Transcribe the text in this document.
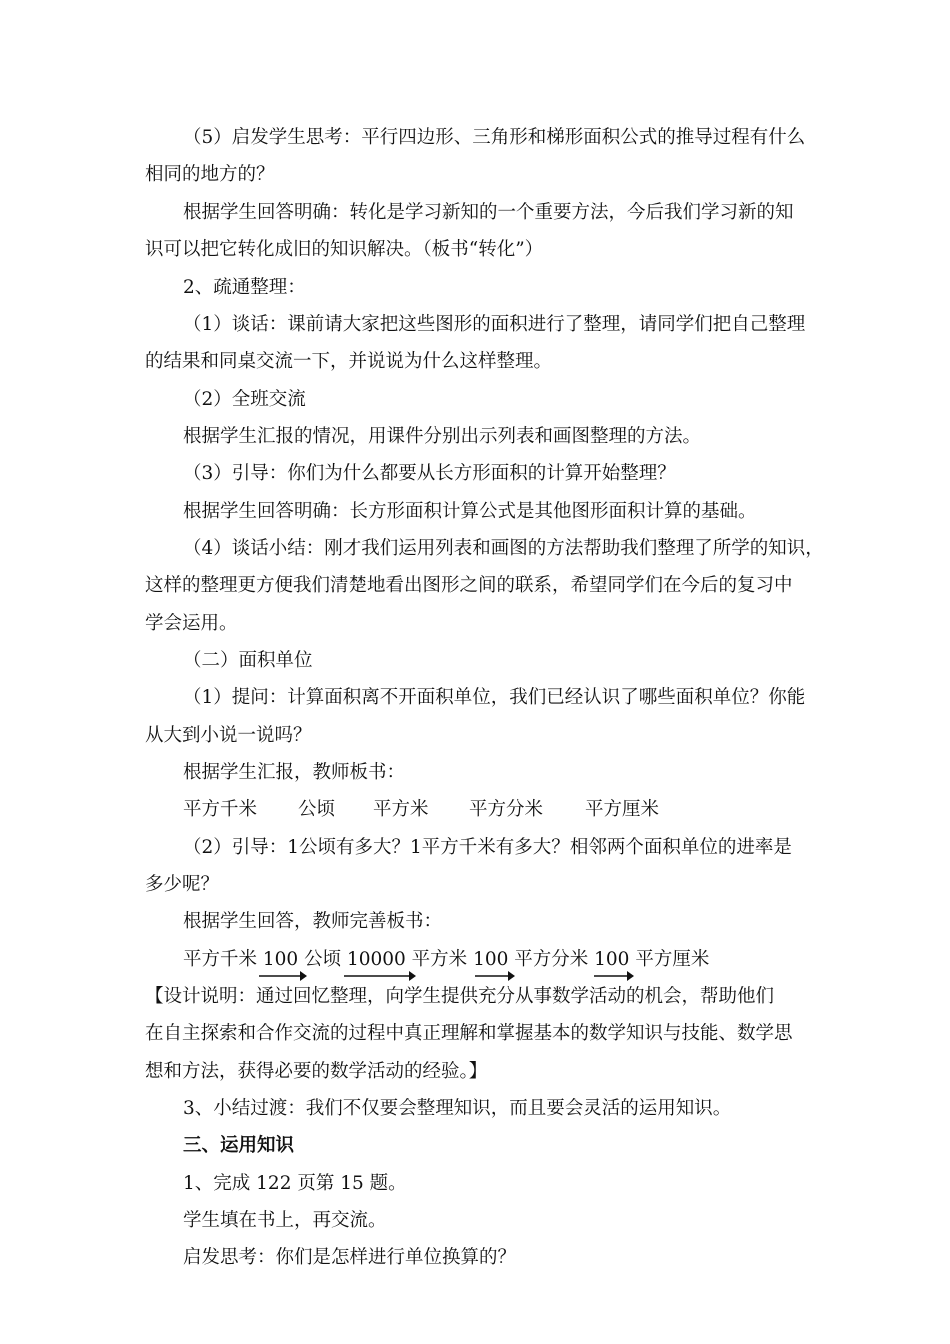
（5）启发学生思考：平行四边形、三角形和梯形面积公式的推导过程有什么
相同的地方的？
根据学生回答明确：转化是学习新知的一个重要方法，今后我们学习新的知
识可以把它转化成旧的知识解决。（板书“转化”）
2、疏通整理：
（1）谈话：课前请大家把这些图形的面积进行了整理，请同学们把自己整理
的结果和同桌交流一下，并说说为什么这样整理。
（2）全班交流
根据学生汇报的情况，用课件分别出示列表和画图整理的方法。
（3）引导：你们为什么都要从长方形面积的计算开始整理？
根据学生回答明确：长方形面积计算公式是其他图形面积计算的基础。
（4）谈话小结：刚才我们运用列表和画图的方法帮助我们整理了所学的知识，
这样的整理更方便我们清楚地看出图形之间的联系，希望同学们在今后的复习中
学会运用。
（二）面积单位
（1）提问：计算面积离不开面积单位，我们已经认识了哪些面积单位？你能
从大到小说一说吗？
根据学生汇报，教师板书：
平方千米 公顷 平方米 平方分米 平方厘米
（2）引导：1公顷有多大？1平方千米有多大？相邻两个面积单位的进率是
多少呢？
根据学生回答，教师完善板书：
平方千米 100 公顷 10000 平方米 100 平方分米 100 平方厘米
【设计说明：通过回忆整理，向学生提供充分从事数学活动的机会，帮助他们
在自主探索和合作交流的过程中真正理解和掌握基本的数学知识与技能、数学思
想和方法，获得必要的数学活动的经验。】
3、小结过渡：我们不仅要会整理知识，而且要会灵活的运用知识。
三、运用知识
1、完成 122 页第 15 题。
学生填在书上，再交流。
启发思考：你们是怎样进行单位换算的？
